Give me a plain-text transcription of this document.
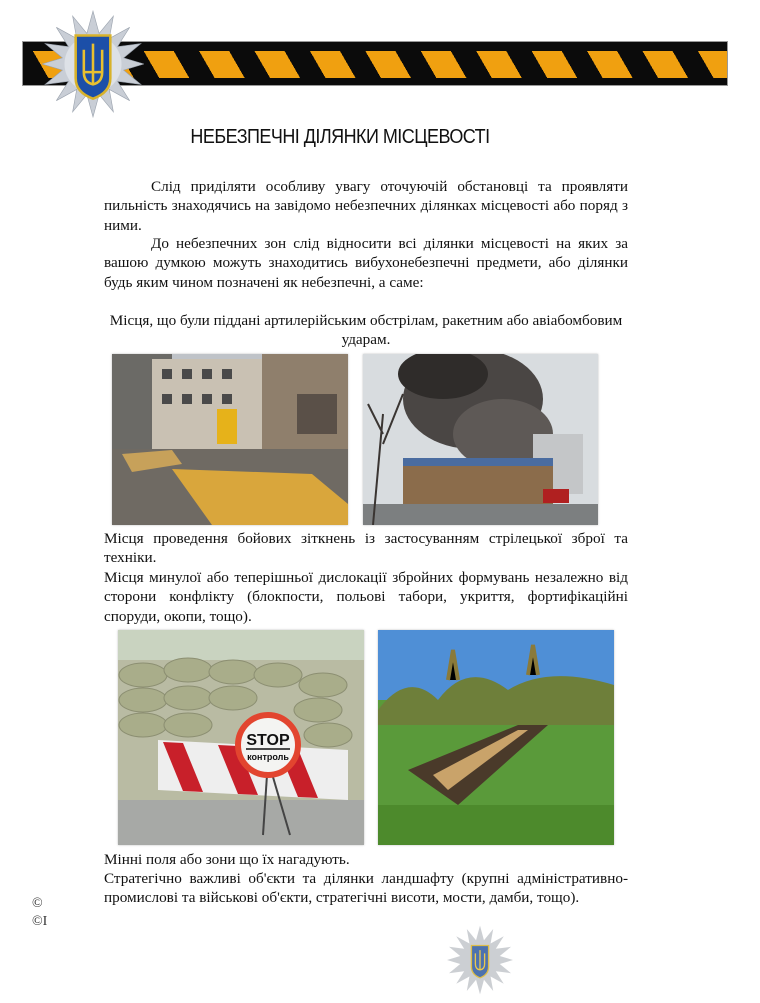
НЕБЕЗПЕЧНІ ДІЛЯНКИ МІСЦЕВОСТІ
Слід приділяти особливу увагу оточуючій обстановці та проявляти пильність знаходячись на завідомо небезпечних ділянках місцевості або поряд з ними.
До небезпечних зон слід відносити всі ділянки місцевості на яких за вашою думкою можуть знаходитись вибухонебезпечні предмети, або ділянки будь яким чином позначені як небезпечні, а саме:
Місця, що були піддані артилерійським обстрілам, ракетним або авіабомбовим ударам.
Місця проведення бойових зіткнень із застосуванням стрілецької зброї та техніки.
Місця минулої або теперішньої дислокації збройних формувань незалежно від сторони конфлікту (блокпости, польові табори, укриття, фортифікаційні споруди, окопи, тощо).
STOP
контроль
Мінні поля або зони що їх нагадують.
Стратегічно важливі об'єкти та ділянки ландшафту (крупні адміністративно-промислові та військові об'єкти, стратегічні висоти, мости, дамби, тощо).
©
©I
